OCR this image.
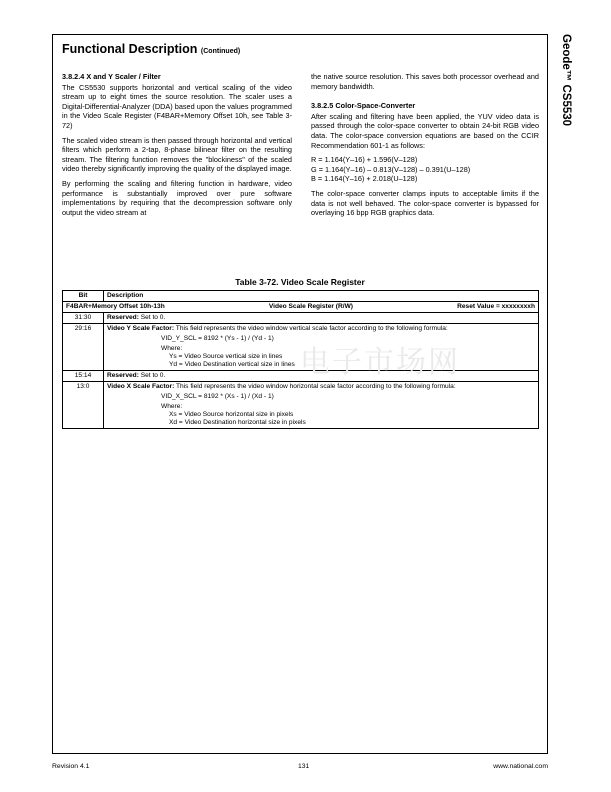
Geode™ CS5530
Functional Description (Continued)
3.8.2.4 X and Y Scaler / Filter

The CS5530 supports horizontal and vertical scaling of the video stream up to eight times the source resolution. The scaler uses a Digital-Differential-Analyzer (DDA) based upon the values programmed in the Video Scale Register (F4BAR+Memory Offset 10h, see Table 3-72)

The scaled video stream is then passed through horizontal and vertical filters which perform a 2-tap, 8-phase bilinear filter on the resulting stream. The filtering function removes the "blockiness" of the scaled video thereby significantly improving the quality of the displayed image.

By performing the scaling and filtering function in hardware, video performance is substantially improved over pure software implementations by requiring that the decompression software only output the video stream at

the native source resolution. This saves both processor overhead and memory bandwidth.

3.8.2.5 Color-Space-Converter

After scaling and filtering have been applied, the YUV video data is passed through the color-space converter to obtain 24-bit RGB video data. The color-space conversion equations are based on the CCIR Recommendation 601-1 as follows:

R = 1.164(Y–16) + 1.596(V–128)

G = 1.164(Y–16) – 0.813(V–128) – 0.391(U–128)

B = 1.164(Y–16) + 2.018(U–128)

The color-space converter clamps inputs to acceptable limits if the data is not well behaved. The color-space converter is bypassed for overlaying 16 bpp RGB graphics data.

Table 3-72. Video Scale Register
Bit	Description

F4BAR+Memory Offset 10h-13h Video Scale Register (R/W) Reset Value = xxxxxxxxh	

31:30	Reserved: Set to 0.
29:16	Video Y Scale Factor: This field represents the video window vertical scale factor according to the following formula:
VID_Y_SCL = 8192 * (Ys - 1) / (Yd - 1)
Where:
Ys = Video Source vertical size in lines
Yd = Video Destination vertical size in lines

15:14	Reserved: Set to 0.
13:0	Video X Scale Factor: This field represents the video window horizontal scale factor according to the following formula:
VID_X_SCL = 8192 * (Xs - 1) / (Xd - 1)
Where:
Xs = Video Source horizontal size in pixels
Xd = Video Destination horizontal size in pixels
电子市场网
Revision 4.1	131	www.national.com
